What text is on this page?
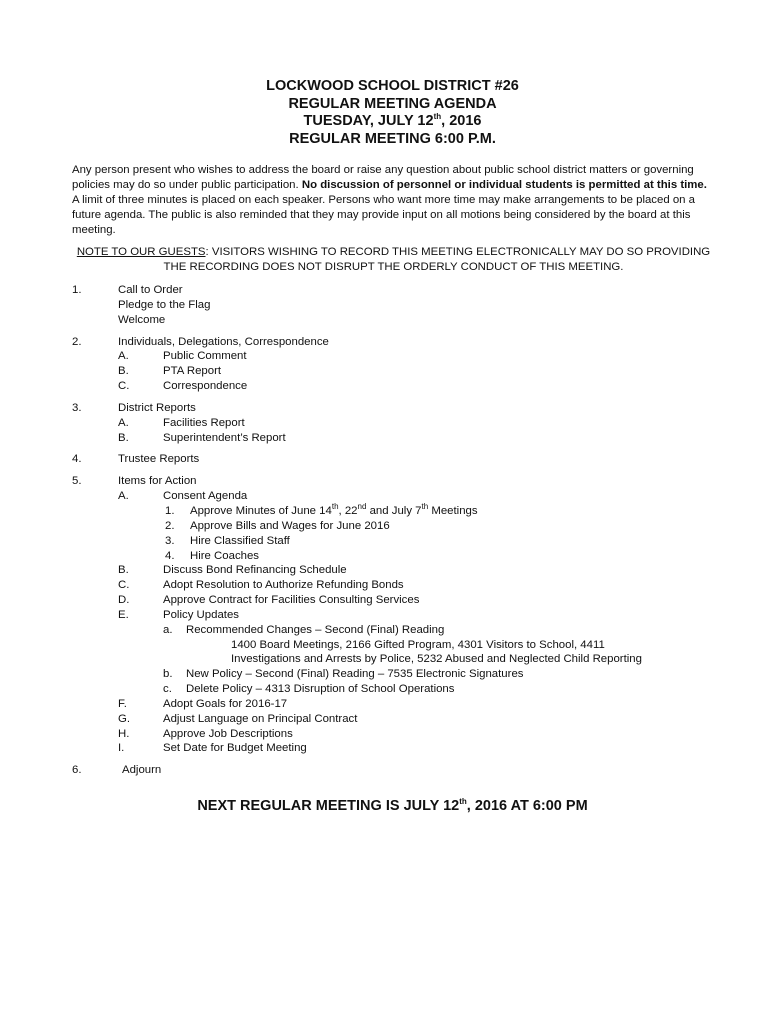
LOCKWOOD SCHOOL DISTRICT #26
REGULAR MEETING AGENDA
TUESDAY, JULY 12th, 2016
REGULAR MEETING 6:00 P.M.
Any person present who wishes to address the board or raise any question about public school district matters or governing policies may do so under public participation. No discussion of personnel or individual students is permitted at this time. A limit of three minutes is placed on each speaker. Persons who want more time may make arrangements to be placed on a future agenda. The public is also reminded that they may provide input on all motions being considered by the board at this meeting.
NOTE TO OUR GUESTS: VISITORS WISHING TO RECORD THIS MEETING ELECTRONICALLY MAY DO SO PROVIDING THE RECORDING DOES NOT DISRUPT THE ORDERLY CONDUCT OF THIS MEETING.
1.	Call to Order
Pledge to the Flag
Welcome
2.	Individuals, Delegations, Correspondence
A.	Public Comment
B.	PTA Report
C.	Correspondence
3.	District Reports
A.	Facilities Report
B.	Superintendent’s Report
4.	Trustee Reports
5.	Items for Action
A.	Consent Agenda
1. Approve Minutes of June 14th, 22nd and July 7th Meetings
2. Approve Bills and Wages for June 2016
3. Hire Classified Staff
4. Hire Coaches
B.	Discuss Bond Refinancing Schedule
C.	Adopt Resolution to Authorize Refunding Bonds
D.	Approve Contract for Facilities Consulting Services
E.	Policy Updates
a. Recommended Changes – Second (Final) Reading
1400 Board Meetings, 2166 Gifted Program, 4301 Visitors to School, 4411
Investigations and Arrests by Police, 5232 Abused and Neglected Child Reporting
b. New Policy – Second (Final) Reading – 7535 Electronic Signatures
c. Delete Policy – 4313 Disruption of School Operations
F.	Adopt Goals for 2016-17
G.	Adjust Language on Principal Contract
H.	Approve Job Descriptions
I.	Set Date for Budget Meeting
6.	Adjourn
NEXT REGULAR MEETING IS JULY 12th, 2016 AT 6:00 PM
